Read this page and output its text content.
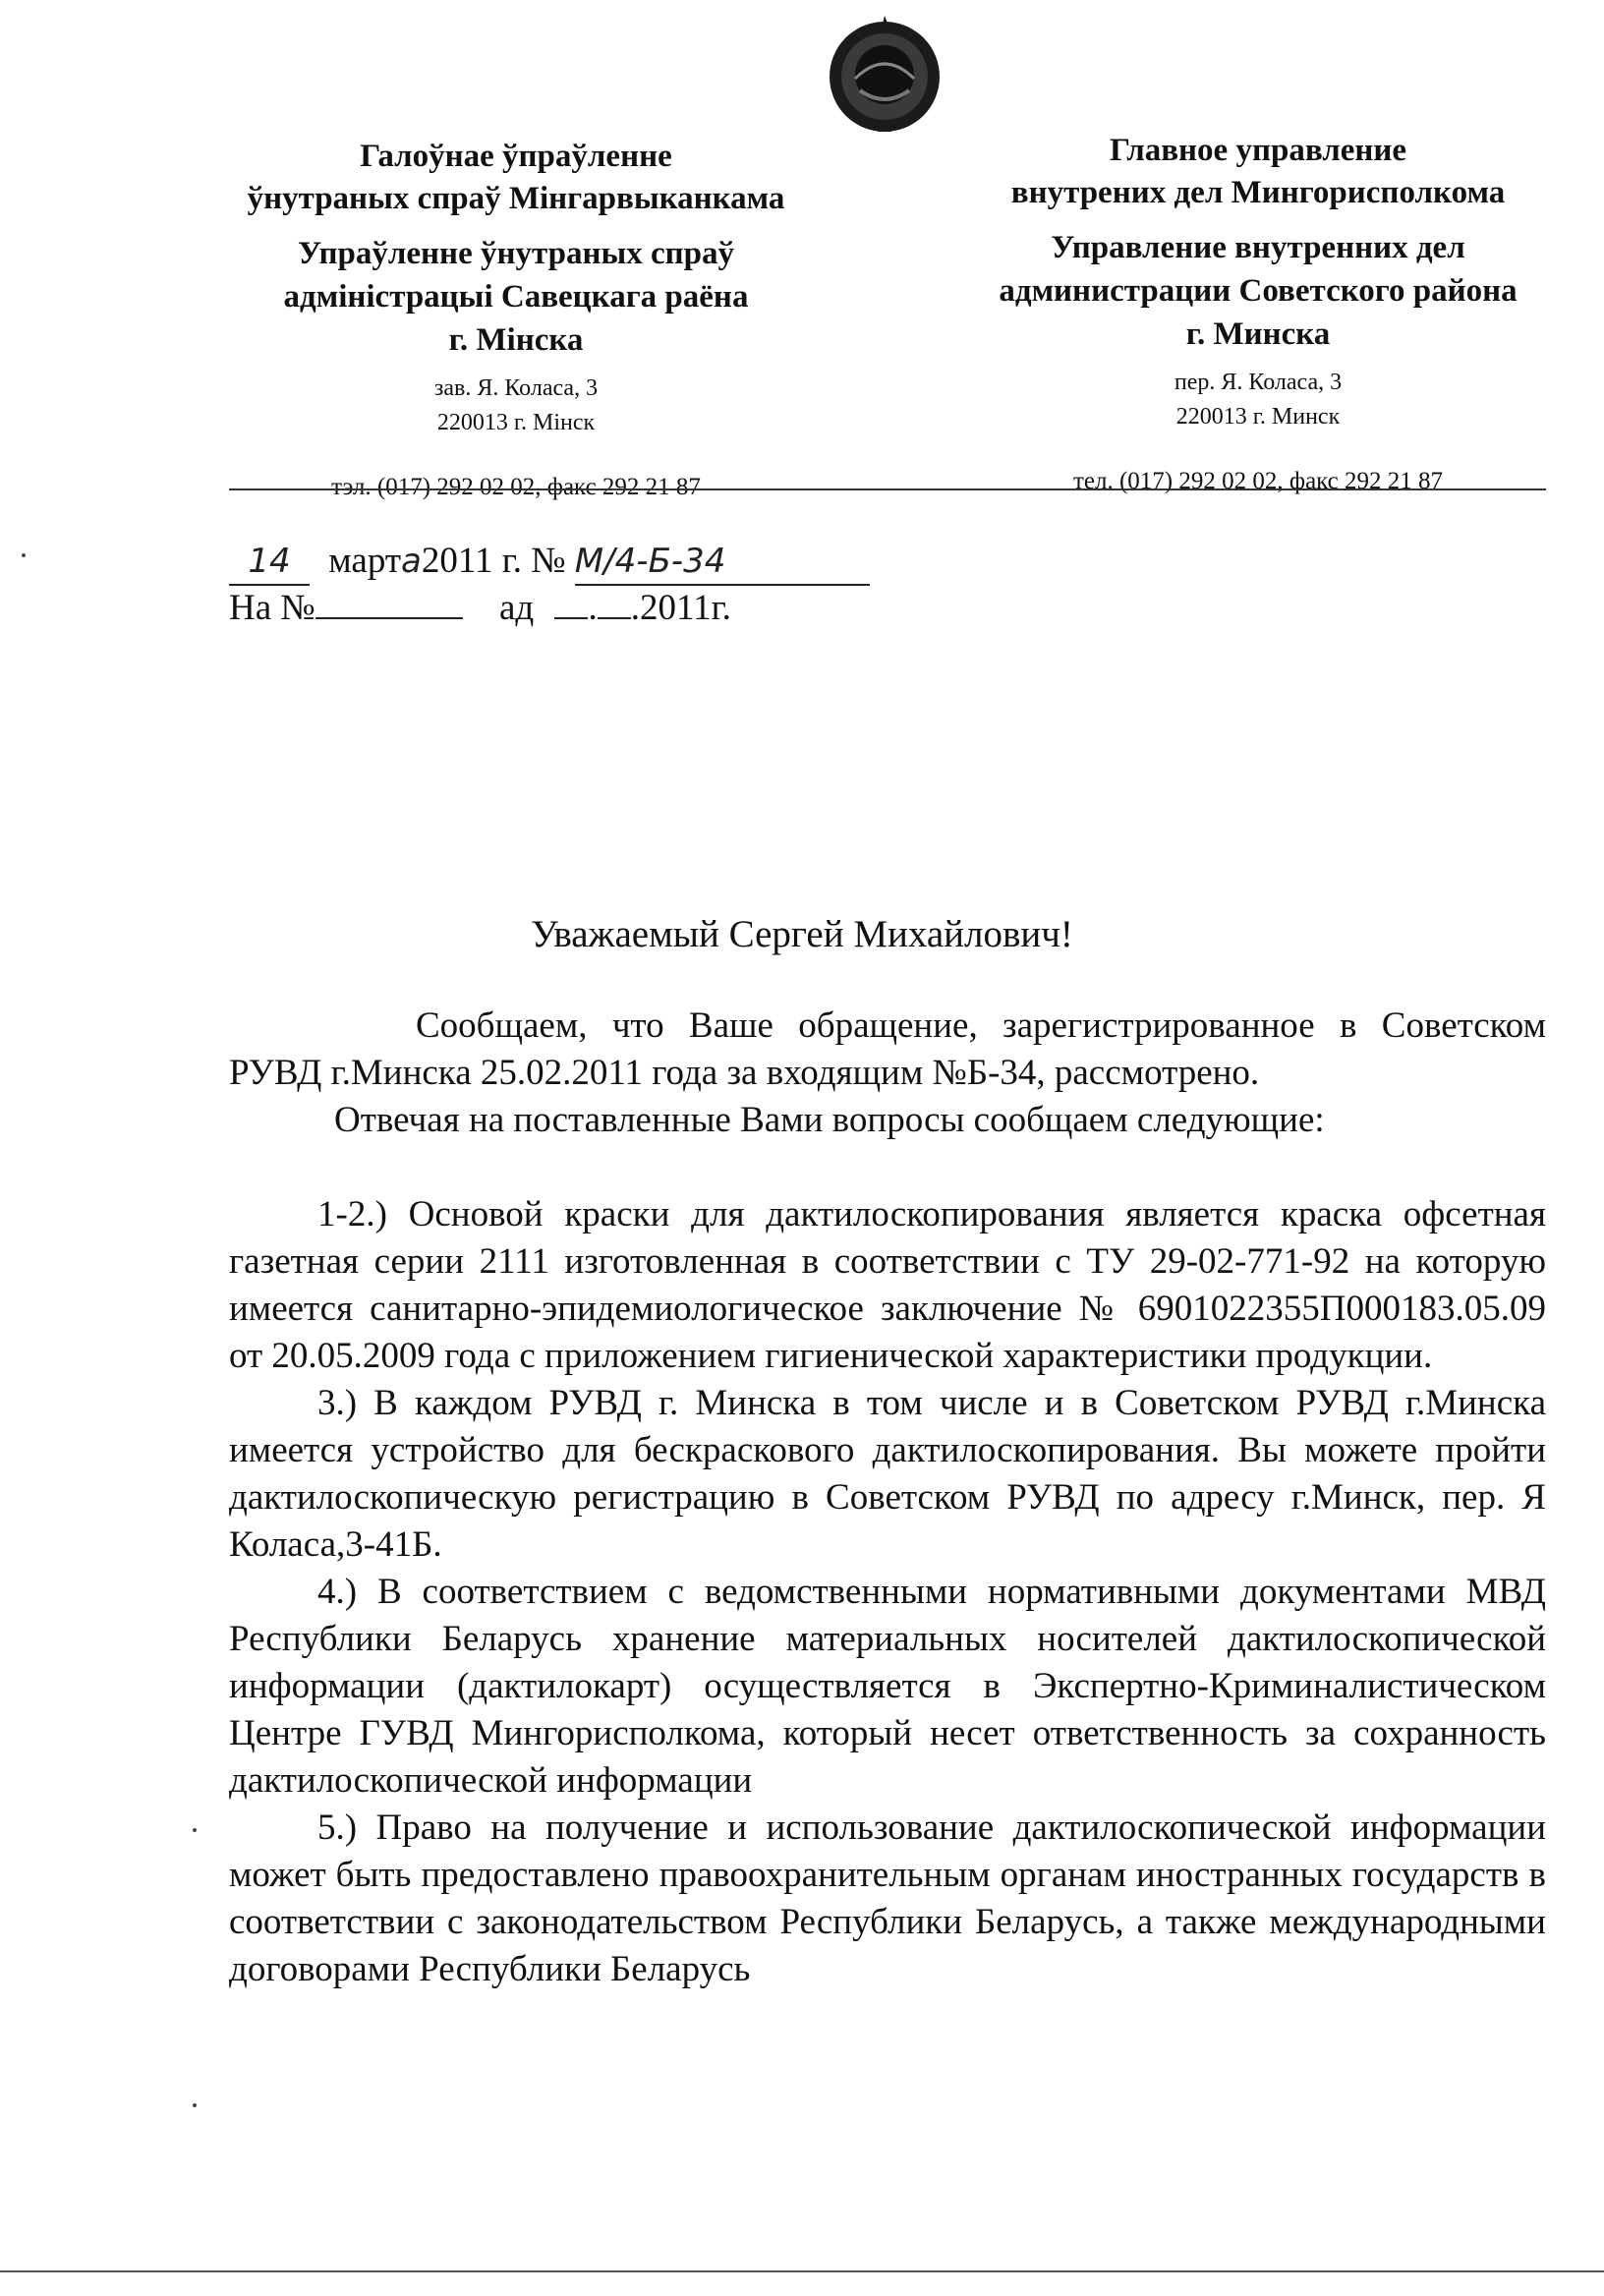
Галоўнае ўпраўленне
ўнутраных спраў Мінгарвыканкама
Упраўленне ўнутраных спраў
адміністрацыі Савецкага раёна
г. Мінска
зав. Я. Коласа, 3
220013 г. Мінск
тэл. (017) 292 02 02, факс 292 21 87
Главное управление
внутрених дел Мингорисполкома
Управление внутренних дел
администрации Советского района
г. Минска
пер. Я. Коласа, 3
220013 г. Минск
тел. (017) 292 02 02, факс 292 21 87
14 марта2011 г. № М/4-Б-34
На №	ад . .2011г.
Уважаемый Сергей Михайлович!

Сообщаем, что Ваше обращение, зарегистрированное в Советском РУВД г.Минска 25.02.2011 года за входящим №Б-34, рассмотрено.

Отвечая на поставленные Вами вопросы сообщаем следующие:

1-2.) Основой краски для дактилоскопирования является краска офсетная газетная серии 2111 изготовленная в соответствии с ТУ 29-02-771-92 на которую имеется санитарно-эпидемиологическое заключение № 6901022355П000183.05.09 от 20.05.2009 года с приложением гигиенической характеристики продукции.

3.) В каждом РУВД г. Минска в том числе и в Советском РУВД г.Минска имеется устройство для бескраскового дактилоскопирования. Вы можете пройти дактилоскопическую регистрацию в Советском РУВД по адресу г.Минск, пер. Я Коласа,3-41Б.

4.) В соответствием с ведомственными нормативными документами МВД Республики Беларусь хранение материальных носителей дактилоскопической информации (дактилокарт) осуществляется в Экспертно-Криминалистическом Центре ГУВД Мингорисполкома, который несет ответственность за сохранность дактилоскопической информации

5.) Право на получение и использование дактилоскопической информации может быть предоставлено правоохранительным органам иностранных государств в соответствии с законодательством Республики Беларусь, а также международными договорами Республики Беларусь
